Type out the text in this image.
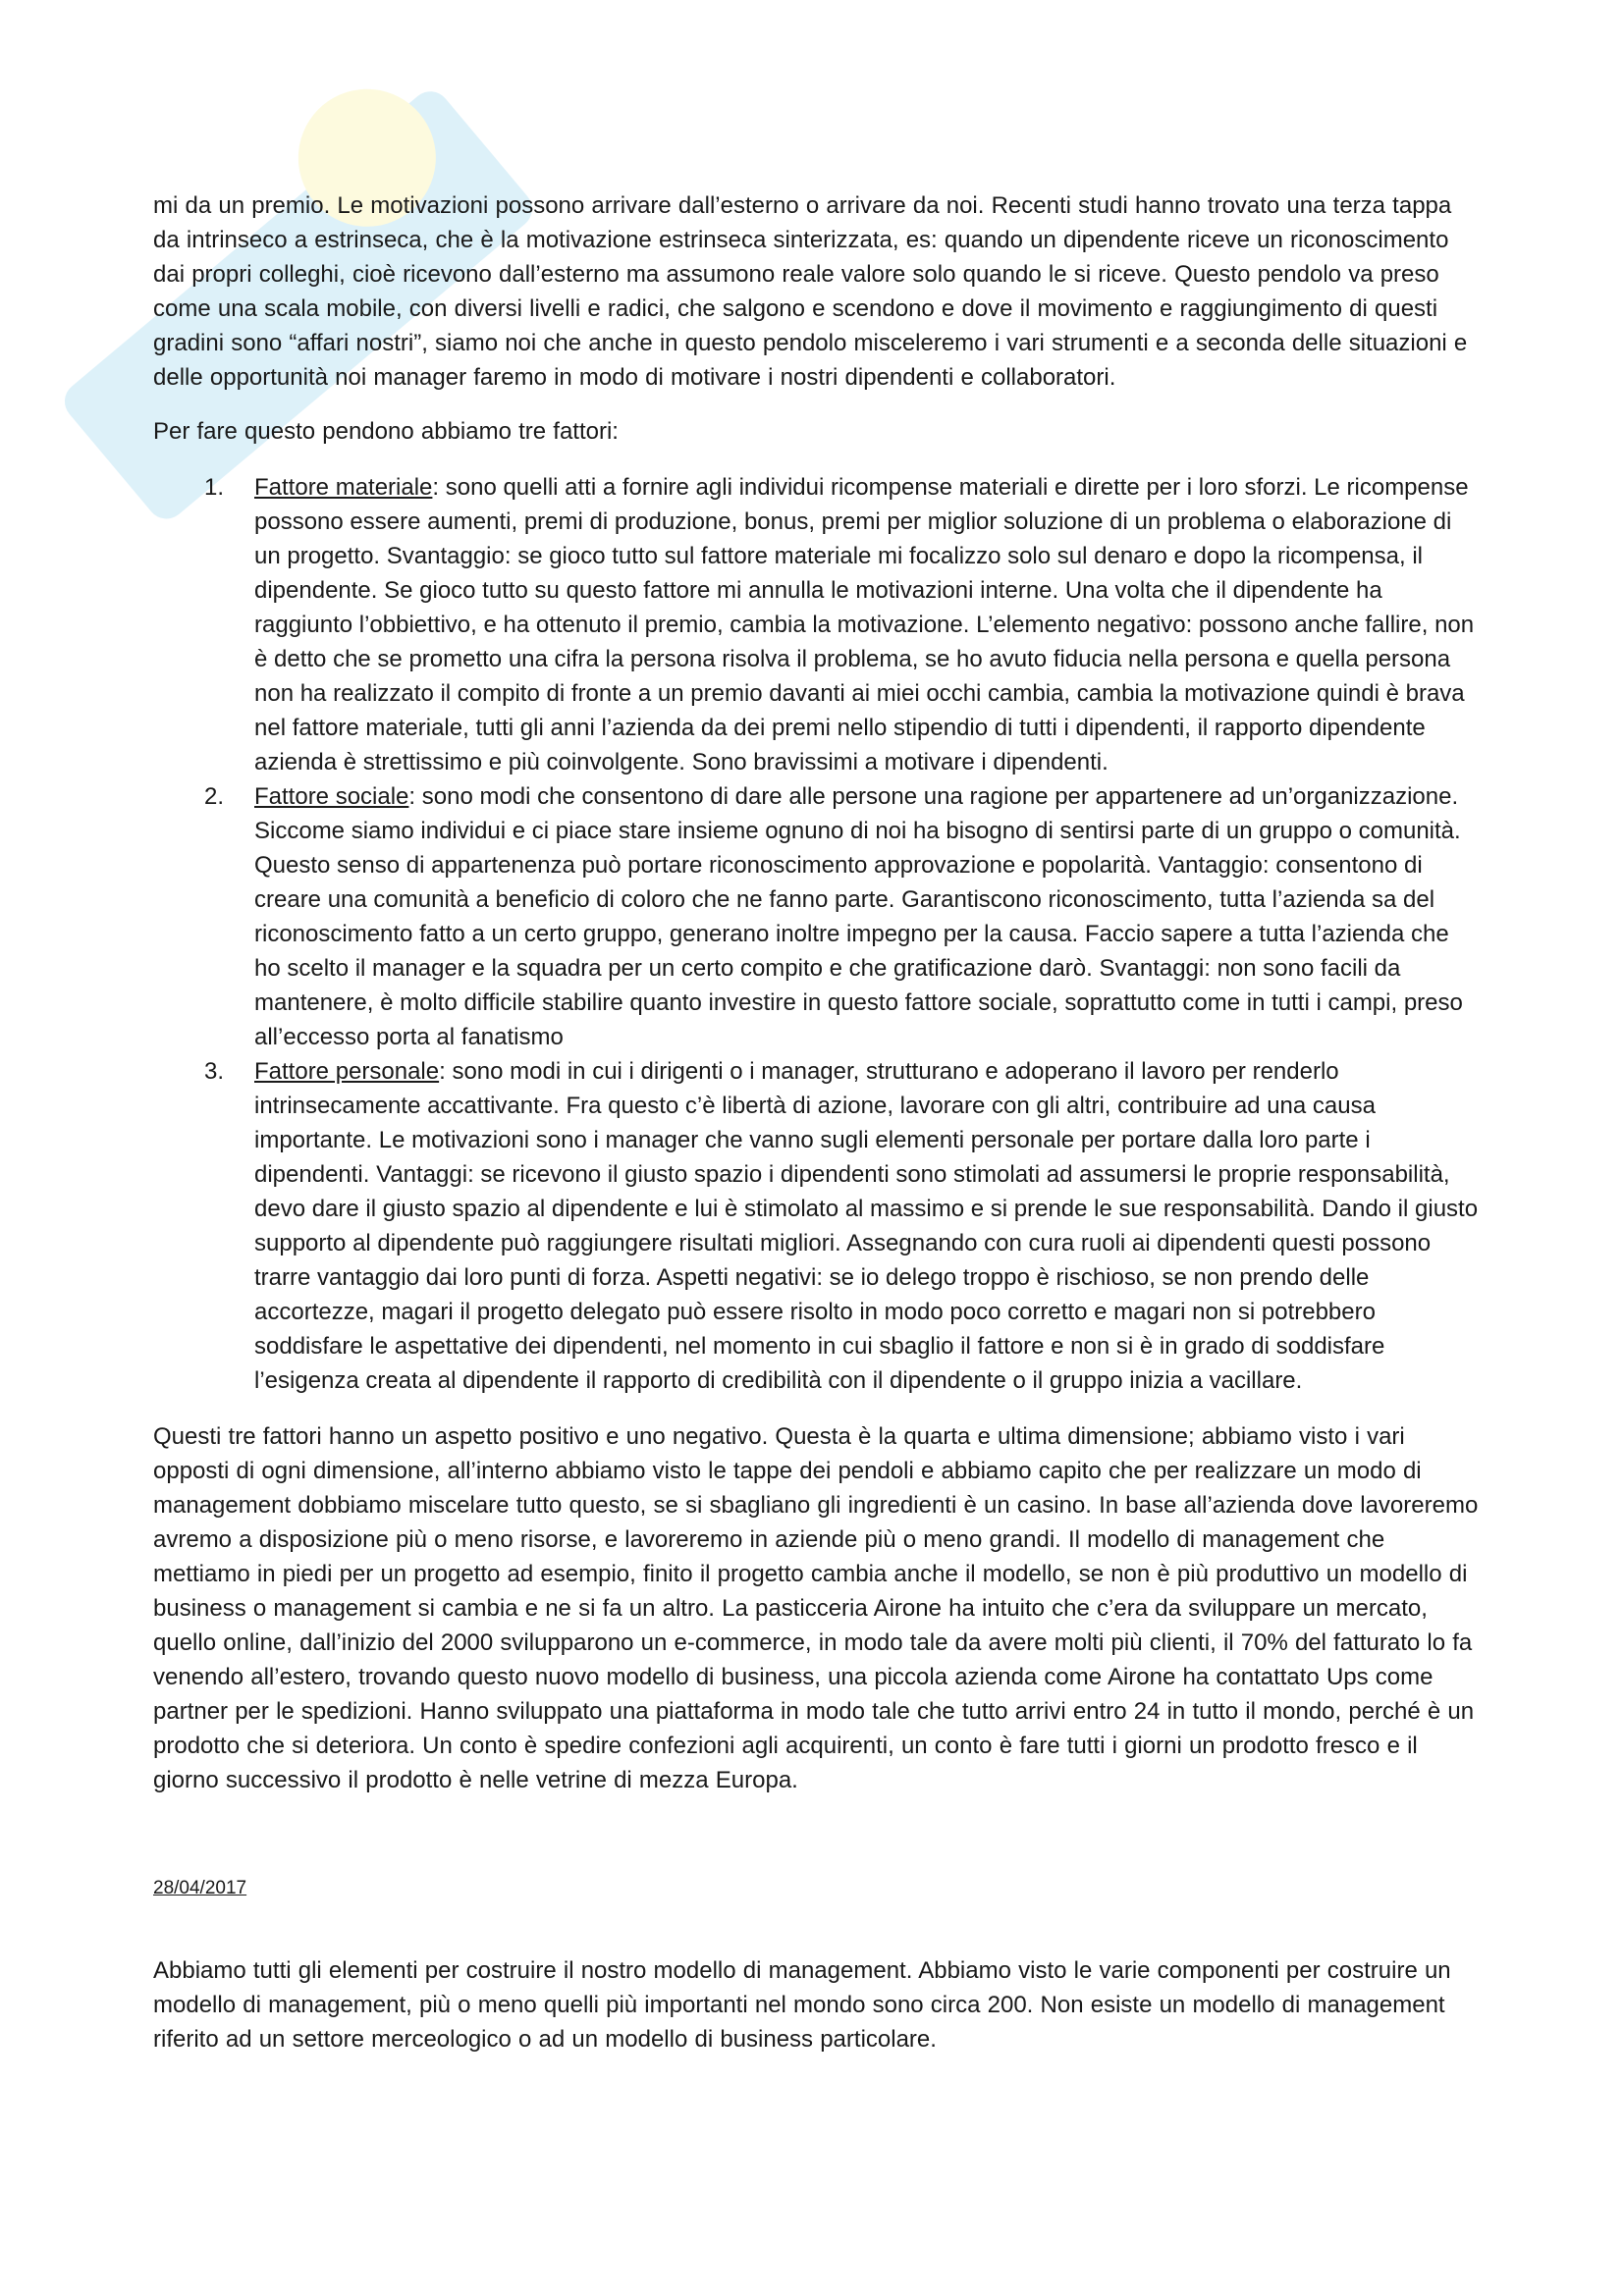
mi da un premio. Le motivazioni possono arrivare dall’esterno o arrivare da noi. Recenti studi hanno trovato una terza tappa da intrinseco a estrinseca, che è la motivazione estrinseca sinterizzata, es: quando un dipendente riceve un riconoscimento dai propri colleghi, cioè ricevono dall’esterno ma assumono reale valore solo quando le si riceve. Questo pendolo va preso come una scala mobile, con diversi livelli e radici, che salgono e scendono e dove il movimento e raggiungimento di questi gradini sono “affari nostri”, siamo noi che anche in questo pendolo misceleremo i vari strumenti e a seconda delle situazioni e delle opportunità noi manager faremo in modo di motivare i nostri dipendenti e collaboratori.

Per fare questo pendono abbiamo tre fattori:

1. Fattore materiale: sono quelli atti a fornire agli individui ricompense materiali e dirette per i loro sforzi. Le ricompense possono essere aumenti, premi di produzione, bonus, premi per miglior soluzione di un problema o elaborazione di un progetto. Svantaggio: se gioco tutto sul fattore materiale mi focalizzo solo sul denaro e dopo la ricompensa, il dipendente. Se gioco tutto su questo fattore mi annulla le motivazioni interne. Una volta che il dipendente ha raggiunto l’obbiettivo, e ha ottenuto il premio, cambia la motivazione. L’elemento negativo: possono anche fallire, non è detto che se prometto una cifra la persona risolva il problema, se ho avuto fiducia nella persona e quella persona non ha realizzato il compito di fronte a un premio davanti ai miei occhi cambia, cambia la motivazione quindi è brava nel fattore materiale, tutti gli anni l’azienda da dei premi nello stipendio di tutti i dipendenti, il rapporto dipendente azienda è strettissimo e più coinvolgente. Sono bravissimi a motivare i dipendenti.
2. Fattore sociale: sono modi che consentono di dare alle persone una ragione per appartenere ad un’organizzazione. Siccome siamo individui e ci piace stare insieme ognuno di noi ha bisogno di sentirsi parte di un gruppo o comunità. Questo senso di appartenenza può portare riconoscimento approvazione e popolarità. Vantaggio: consentono di creare una comunità a beneficio di coloro che ne fanno parte. Garantiscono riconoscimento, tutta l’azienda sa del riconoscimento fatto a un certo gruppo, generano inoltre impegno per la causa. Faccio sapere a tutta l’azienda che ho scelto il manager e la squadra per un certo compito e che gratificazione darò. Svantaggi: non sono facili da mantenere, è molto difficile stabilire quanto investire in questo fattore sociale, soprattutto come in tutti i campi, preso all’eccesso porta al fanatismo
3. Fattore personale: sono modi in cui i dirigenti o i manager, strutturano e adoperano il lavoro per renderlo intrinsecamente accattivante. Fra questo c’è libertà di azione, lavorare con gli altri, contribuire ad una causa importante. Le motivazioni sono i manager che vanno sugli elementi personale per portare dalla loro parte i dipendenti. Vantaggi: se ricevono il giusto spazio i dipendenti sono stimolati ad assumersi le proprie responsabilità, devo dare il giusto spazio al dipendente e lui è stimolato al massimo e si prende le sue responsabilità. Dando il giusto supporto al dipendente può raggiungere risultati migliori. Assegnando con cura ruoli ai dipendenti questi possono trarre vantaggio dai loro punti di forza. Aspetti negativi: se io delego troppo è rischioso, se non prendo delle accortezze, magari il progetto delegato può essere risolto in modo poco corretto e magari non si potrebbero soddisfare le aspettative dei dipendenti, nel momento in cui sbaglio il fattore e non si è in grado di soddisfare l’esigenza creata al dipendente il rapporto di credibilità con il dipendente o il gruppo inizia a vacillare.

Questi tre fattori hanno un aspetto positivo e uno negativo. Questa è la quarta e ultima dimensione; abbiamo visto i vari opposti di ogni dimensione, all’interno abbiamo visto le tappe dei pendoli e abbiamo capito che per realizzare un modo di management dobbiamo miscelare tutto questo, se si sbagliano gli ingredienti è un casino. In base all’azienda dove lavoreremo avremo a disposizione più o meno risorse, e lavoreremo in aziende più o meno grandi. Il modello di management che mettiamo in piedi per un progetto ad esempio, finito il progetto cambia anche il modello, se non è più produttivo un modello di business o management si cambia e ne si fa un altro. La pasticceria Airone ha intuito che c’era da sviluppare un mercato, quello online, dall’inizio del 2000 svilupparono un e-commerce, in modo tale da avere molti più clienti, il 70% del fatturato lo fa venendo all’estero, trovando questo nuovo modello di business, una piccola azienda come Airone ha contattato Ups come partner per le spedizioni. Hanno sviluppato una piattaforma in modo tale che tutto arrivi entro 24 in tutto il mondo, perché è un prodotto che si deteriora. Un conto è spedire confezioni agli acquirenti, un conto è fare tutti i giorni un prodotto fresco e il giorno successivo il prodotto è nelle vetrine di mezza Europa.

28/04/2017

Abbiamo tutti gli elementi per costruire il nostro modello di management. Abbiamo visto le varie componenti per costruire un modello di management, più o meno quelli più importanti nel mondo sono circa 200. Non esiste un modello di management riferito ad un settore merceologico o ad un modello di business particolare.
